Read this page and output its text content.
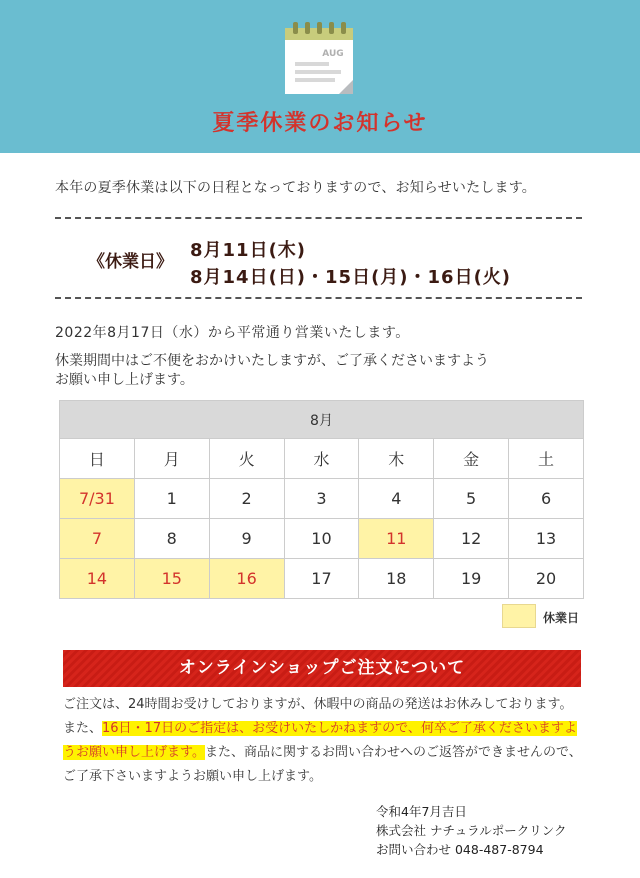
AUG
夏季休業のお知らせ
本年の夏季休業は以下の日程となっておりますので、お知らせいたします。
《休業日》
8月11日(木)
8月14日(日)・15日(月)・16日(火)
2022年8月17日（水）から平常通り営業いたします。
休業期間中はご不便をおかけいたしますが、ご了承くださいますよう
お願い申し上げます。
8月						
日	月	火	水	木	金	土
7/31	1	2	3	4	5	6
7	8	9	10	11	12	13
14	15	16	17	18	19	20
休業日
オンラインショップご注文について
ご注文は、24時間お受けしておりますが、休暇中の商品の発送はお休みしております。また、16日・17日のご指定は、お受けいたしかねますので、何卒ご了承くださいますようお願い申し上げます。また、商品に関するお問い合わせへのご返答ができませんので、ご了承下さいますようお願い申し上げます。
令和4年7月吉日
株式会社 ナチュラルポークリンク
お問い合わせ 048-487-8794
